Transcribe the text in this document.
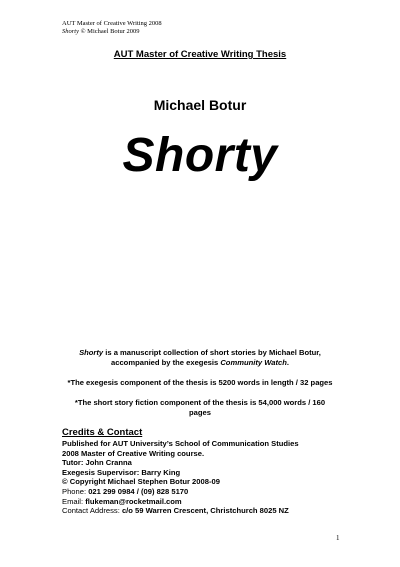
AUT Master of Creative Writing 2008
Shorty © Michael Botur 2009
AUT Master of Creative Writing Thesis
Michael Botur
Shorty
Shorty is a manuscript collection of short stories by Michael Botur, accompanied by the exegesis Community Watch.
*The exegesis component of the thesis is 5200 words in length / 32 pages
*The short story fiction component of the thesis is 54,000 words / 160 pages
Credits & Contact
Published for AUT University’s School of Communication Studies
2008 Master of Creative Writing course.
Tutor: John Cranna
Exegesis Supervisor: Barry King
© Copyright Michael Stephen Botur 2008-09
Phone: 021 299 0984 / (09) 828 5170
Email: flukeman@rocketmail.com
Contact Address: c/o 59 Warren Crescent, Christchurch 8025 NZ
1
